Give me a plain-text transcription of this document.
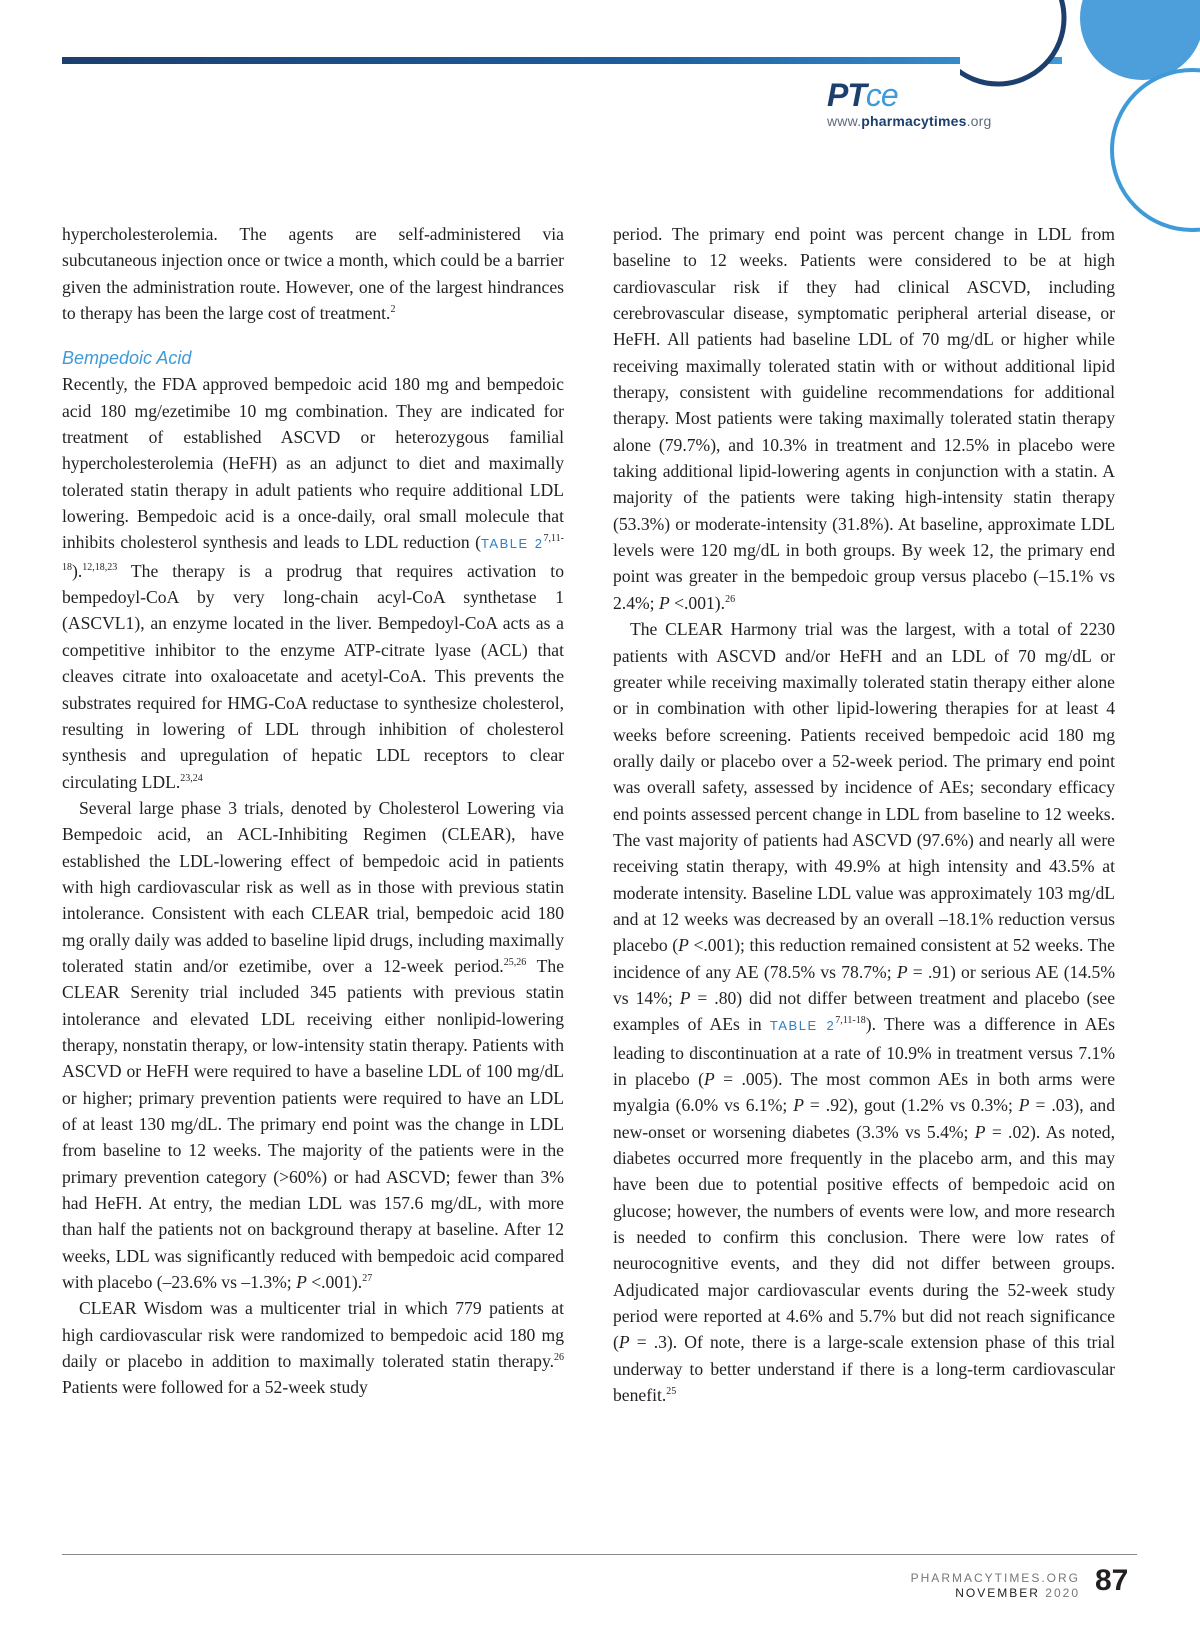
PTce
www.pharmacytimes.org

hypercholesterolemia. The agents are self-administered via subcutaneous injection once or twice a month, which could be a barrier given the administration route. However, one of the largest hindrances to therapy has been the large cost of treatment.$^2$

Bempedoic Acid

Recently, the FDA approved bempedoic acid 180 mg and bempedoic acid 180 mg/ezetimibe 10 mg combination. They are indicated for treatment of established ASCVD or heterozygous familial hypercholesterolemia (HeFH) as an adjunct to diet and maximally tolerated statin therapy in adult patients who require additional LDL lowering. Bempedoic acid is a once-daily, oral small molecule that inhibits cholesterol synthesis and leads to LDL reduction (TABLE 2$^{7,11-18}$).$^{12,18,23}$ The therapy is a prodrug that requires activation to bempedoyl-CoA by very long-chain acyl-CoA synthetase 1 (ASCVL1), an enzyme located in the liver. Bempedoyl-CoA acts as a competitive inhibitor to the enzyme ATP-citrate lyase (ACL) that cleaves citrate into oxaloacetate and acetyl-CoA. This prevents the substrates required for HMG-CoA reductase to synthesize cholesterol, resulting in lowering of LDL through inhibition of cholesterol synthesis and upregulation of hepatic LDL receptors to clear circulating LDL.$^{23,24}$

Several large phase 3 trials, denoted by Cholesterol Lowering via Bempedoic acid, an ACL-Inhibiting Regimen (CLEAR), have established the LDL-lowering effect of bempedoic acid in patients with high cardiovascular risk as well as in those with previous statin intolerance. Consistent with each CLEAR trial, bempedoic acid 180 mg orally daily was added to baseline lipid drugs, including maximally tolerated statin and/or ezetimibe, over a 12-week period.$^{25,26}$ The CLEAR Serenity trial included 345 patients with previous statin intolerance and elevated LDL receiving either nonlipid-lowering therapy, nonstatin therapy, or low-intensity statin therapy. Patients with ASCVD or HeFH were required to have a baseline LDL of 100 mg/dL or higher; primary prevention patients were required to have an LDL of at least 130 mg/dL. The primary end point was the change in LDL from baseline to 12 weeks. The majority of the patients were in the primary prevention category (>60%) or had ASCVD; fewer than 3% had HeFH. At entry, the median LDL was 157.6 mg/dL, with more than half the patients not on background therapy at baseline. After 12 weeks, LDL was significantly reduced with bempedoic acid compared with placebo (–23.6% vs –1.3%; P <.001).$^{27}$

CLEAR Wisdom was a multicenter trial in which 779 patients at high cardiovascular risk were randomized to bempedoic acid 180 mg daily or placebo in addition to maximally tolerated statin therapy.$^{26}$ Patients were followed for a 52-week study

period. The primary end point was percent change in LDL from baseline to 12 weeks. Patients were considered to be at high cardiovascular risk if they had clinical ASCVD, including cerebrovascular disease, symptomatic peripheral arterial disease, or HeFH. All patients had baseline LDL of 70 mg/dL or higher while receiving maximally tolerated statin with or without additional lipid therapy, consistent with guideline recommendations for additional therapy. Most patients were taking maximally tolerated statin therapy alone (79.7%), and 10.3% in treatment and 12.5% in placebo were taking additional lipid-lowering agents in conjunction with a statin. A majority of the patients were taking high-intensity statin therapy (53.3%) or moderate-intensity (31.8%). At baseline, approximate LDL levels were 120 mg/dL in both groups. By week 12, the primary end point was greater in the bempedoic group versus placebo (–15.1% vs 2.4%; P <.001).$^{26}$

The CLEAR Harmony trial was the largest, with a total of 2230 patients with ASCVD and/or HeFH and an LDL of 70 mg/dL or greater while receiving maximally tolerated statin therapy either alone or in combination with other lipid-lowering therapies for at least 4 weeks before screening. Patients received bempedoic acid 180 mg orally daily or placebo over a 52-week period. The primary end point was overall safety, assessed by incidence of AEs; secondary efficacy end points assessed percent change in LDL from baseline to 12 weeks. The vast majority of patients had ASCVD (97.6%) and nearly all were receiving statin therapy, with 49.9% at high intensity and 43.5% at moderate intensity. Baseline LDL value was approximately 103 mg/dL and at 12 weeks was decreased by an overall –18.1% reduction versus placebo (P <.001); this reduction remained consistent at 52 weeks. The incidence of any AE (78.5% vs 78.7%; P = .91) or serious AE (14.5% vs 14%; P = .80) did not differ between treatment and placebo (see examples of AEs in TABLE 2$^{7,11-18}$). There was a difference in AEs leading to discontinuation at a rate of 10.9% in treatment versus 7.1% in placebo (P = .005). The most common AEs in both arms were myalgia (6.0% vs 6.1%; P = .92), gout (1.2% vs 0.3%; P = .03), and new-onset or worsening diabetes (3.3% vs 5.4%; P = .02). As noted, diabetes occurred more frequently in the placebo arm, and this may have been due to potential positive effects of bempedoic acid on glucose; however, the numbers of events were low, and more research is needed to confirm this conclusion. There were low rates of neurocognitive events, and they did not differ between groups. Adjudicated major cardiovascular events during the 52-week study period were reported at 4.6% and 5.7% but did not reach significance (P = .3). Of note, there is a large-scale extension phase of this trial underway to better understand if there is a long-term cardiovascular benefit.$^{25}$

PHARMACYTIMES.ORG
NOVEMBER 2020 87
